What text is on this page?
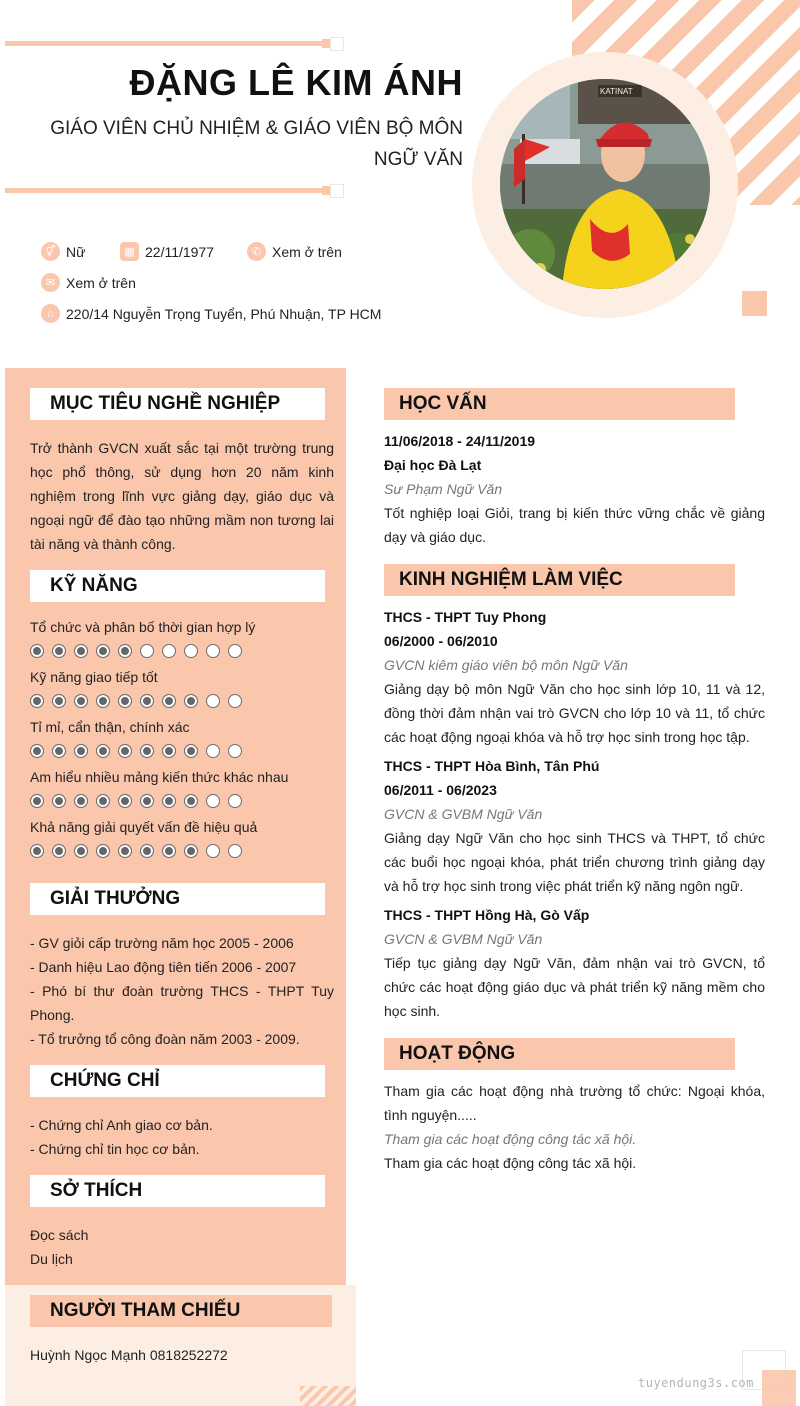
KATINAT
ĐẶNG LÊ KIM ÁNH
GIÁO VIÊN CHỦ NHIỆM & GIÁO VIÊN BỘ MÔN NGỮ VĂN
⚥ Nữ	▦ 22/11/1977	✆ Xem ở trên
✉ Xem ở trên
⌂ 220/14 Nguyễn Trọng Tuyển, Phú Nhuận, TP HCM
MỤC TIÊU NGHỀ NGHIỆP
Trở thành GVCN xuất sắc tại một trường trung học phổ thông, sử dụng hơn 20 năm kinh nghiệm trong lĩnh vực giảng dạy, giáo dục và ngoại ngữ để đào tạo những mầm non tương lai tài năng và thành công.
KỸ NĂNG
Tổ chức và phân bố thời gian hợp lý
Kỹ năng giao tiếp tốt
Tỉ mỉ, cẩn thận, chính xác
Am hiểu nhiều mảng kiến thức khác nhau
Khả năng giải quyết vấn đề hiệu quả
GIẢI THƯỞNG
- GV giỏi cấp trường năm học 2005 - 2006
- Danh hiệu Lao động tiên tiến 2006 - 2007
- Phó bí thư đoàn trường THCS - THPT Tuy Phong.
- Tổ trưởng tổ công đoàn năm 2003 - 2009.
CHỨNG CHỈ
- Chứng chỉ Anh giao cơ bản.
- Chứng chỉ tin học cơ bản.
SỞ THÍCH
Đọc sách
Du lịch
NGƯỜI THAM CHIẾU
Huỳnh Ngọc Mạnh 0818252272
HỌC VẤN
11/06/2018 - 24/11/2019
Đại học Đà Lạt
Sư Phạm Ngữ Văn
Tốt nghiệp loại Giỏi, trang bị kiến thức vững chắc về giảng dạy và giáo dục.
KINH NGHIỆM LÀM VIỆC
THCS - THPT Tuy Phong
06/2000 - 06/2010
GVCN kiêm giáo viên bộ môn Ngữ Văn
Giảng dạy bộ môn Ngữ Văn cho học sinh lớp 10, 11 và 12, đồng thời đảm nhận vai trò GVCN cho lớp 10 và 11, tổ chức các hoạt động ngoại khóa và hỗ trợ học sinh trong học tập.
THCS - THPT Hòa Bình, Tân Phú
06/2011 - 06/2023
GVCN & GVBM Ngữ Văn
Giảng dạy Ngữ Văn cho học sinh THCS và THPT, tổ chức các buổi học ngoại khóa, phát triển chương trình giảng dạy và hỗ trợ học sinh trong việc phát triển kỹ năng ngôn ngữ.
THCS - THPT Hồng Hà, Gò Vấp
GVCN & GVBM Ngữ Văn
Tiếp tục giảng dạy Ngữ Văn, đảm nhận vai trò GVCN, tổ chức các hoạt động giáo dục và phát triển kỹ năng mềm cho học sinh.
HOẠT ĐỘNG
Tham gia các hoạt động nhà trường tổ chức: Ngoại khóa, tình nguyện.....
Tham gia các hoạt động công tác xã hội.
Tham gia các hoạt động công tác xã hội.
tuyendung3s.com
